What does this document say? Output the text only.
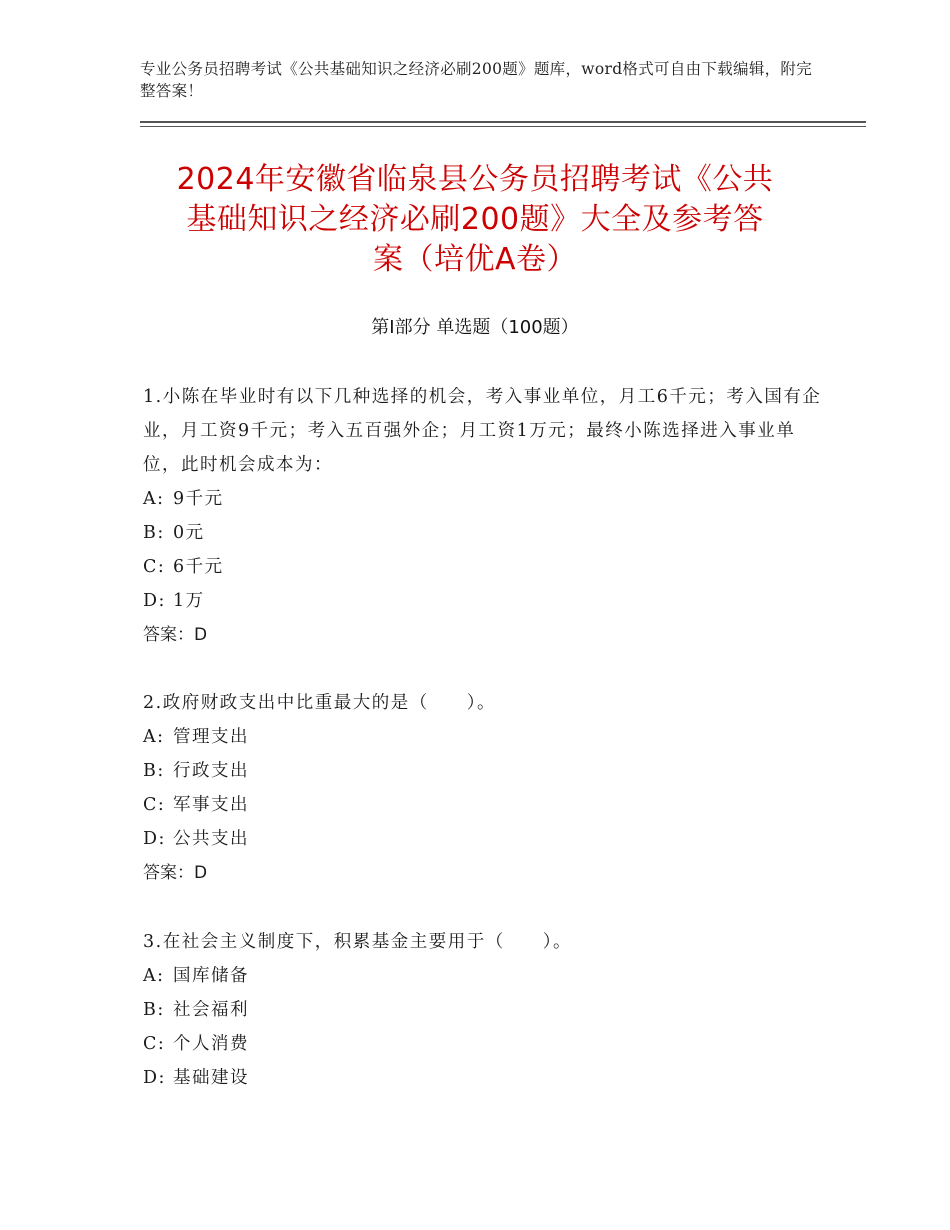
专业公务员招聘考试《公共基础知识之经济必刷200题》题库，word格式可自由下载编辑，附完整答案！
2024年安徽省临泉县公务员招聘考试《公共
基础知识之经济必刷200题》大全及参考答
案（培优A卷）
第Ⅰ部分 单选题（100题）

1.小陈在毕业时有以下几种选择的机会，考入事业单位，月工6千元；考入国有企业，月工资9千元；考入五百强外企；月工资1万元；最终小陈选择进入事业单位，此时机会成本为：

A: 9千元

B: 0元

C: 6千元

D: 1万

答案：D

2.政府财政支出中比重最大的是（　　）。

A: 管理支出

B: 行政支出

C: 军事支出

D: 公共支出

答案：D

3.在社会主义制度下，积累基金主要用于（　　）。

A: 国库储备

B: 社会福利

C: 个人消费

D: 基础建设
